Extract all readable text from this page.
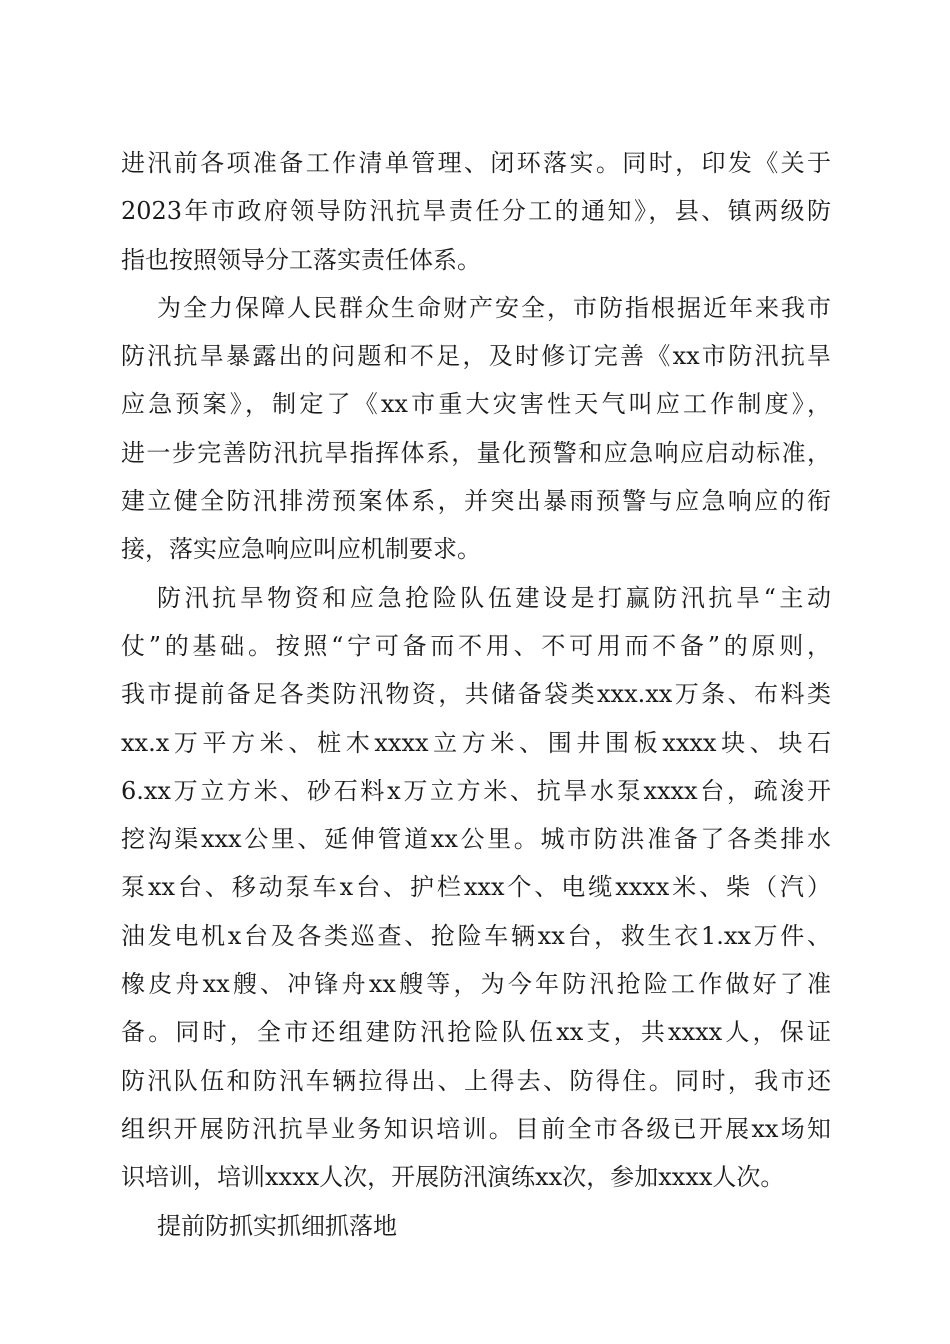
进汛前各项准备工作清单管理、闭环落实。同时，印发《关于
2023年市政府领导防汛抗旱责任分工的通知》，县、镇两级防
指也按照领导分工落实责任体系。
为全力保障人民群众生命财产安全，市防指根据近年来我市
防汛抗旱暴露出的问题和不足，及时修订完善《xx市防汛抗旱
应急预案》，制定了《xx市重大灾害性天气叫应工作制度》，
进一步完善防汛抗旱指挥体系，量化预警和应急响应启动标准，
建立健全防汛排涝预案体系，并突出暴雨预警与应急响应的衔
接，落实应急响应叫应机制要求。
防汛抗旱物资和应急抢险队伍建设是打赢防汛抗旱“主动
仗”的基础。按照“宁可备而不用、不可用而不备”的原则，
我市提前备足各类防汛物资，共储备袋类xxx.xx万条、布料类
xx.x万平方米、桩木xxxx立方米、围井围板xxxx块、块石
6.xx万立方米、砂石料x万立方米、抗旱水泵xxxx台，疏浚开
挖沟渠xxx公里、延伸管道xx公里。城市防洪准备了各类排水
泵xx台、移动泵车x台、护栏xxx个、电缆xxxx米、柴（汽）
油发电机x台及各类巡查、抢险车辆xx台，救生衣1.xx万件、
橡皮舟xx艘、冲锋舟xx艘等，为今年防汛抢险工作做好了准
备。同时，全市还组建防汛抢险队伍xx支，共xxxx人，保证
防汛队伍和防汛车辆拉得出、上得去、防得住。同时，我市还
组织开展防汛抗旱业务知识培训。目前全市各级已开展xx场知
识培训，培训xxxx人次，开展防汛演练xx次，参加xxxx人次。
提前防抓实抓细抓落地
